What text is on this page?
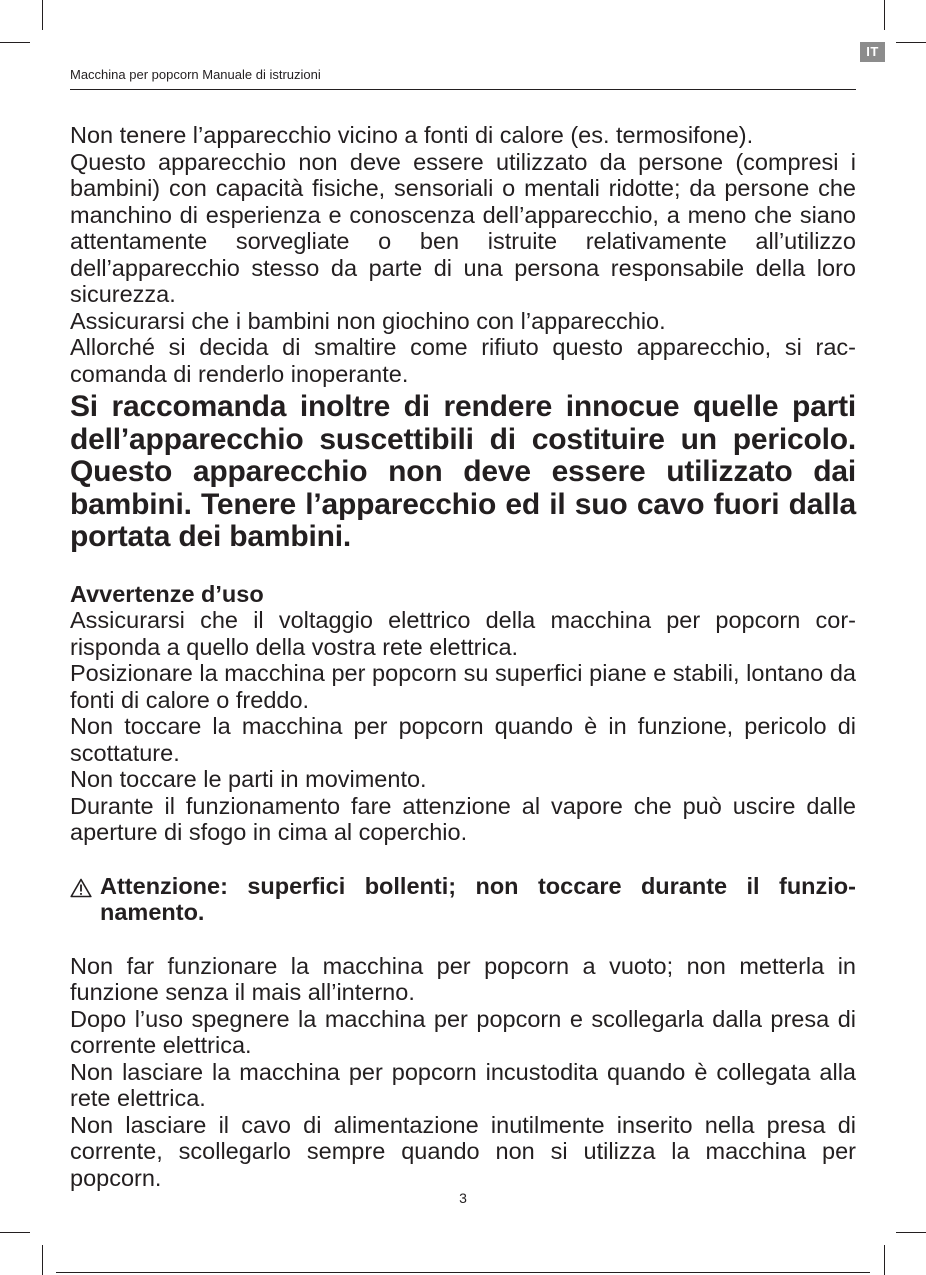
IT
Macchina per popcorn Manuale di istruzioni

Non tenere l’apparecchio vicino a fonti di calore (es. termosifone).

Questo apparecchio non deve essere utilizzato da persone (compresi i bambini) con capacità fisiche, sensoriali o mentali ridotte; da persone che manchino di esperienza e conoscenza dell’apparecchio, a meno che siano attentamente sorvegliate o ben istruite relativamente all’utilizzo dell’apparecchio stesso da parte di una persona responsabile della loro sicurezza.

Assicurarsi che i bambini non giochino con l’apparecchio.

Allorché si decida di smaltire come rifiuto questo apparecchio, si raccomanda di renderlo inoperante.

Si raccomanda inoltre di rendere innocue quelle parti dell’apparecchio suscettibili di costituire un pericolo. Questo apparecchio non deve essere utilizzato dai bambini. Tenere l’apparecchio ed il suo cavo fuori dalla portata dei bambini.

Avvertenze d’uso

Assicurarsi che il voltaggio elettrico della macchina per popcorn corrisponda a quello della vostra rete elettrica.

Posizionare la macchina per popcorn su superfici piane e stabili, lontano da fonti di calore o freddo.

Non toccare la macchina per popcorn quando è in funzione, pericolo di scottature.

Non toccare le parti in movimento.

Durante il funzionamento fare attenzione al vapore che può uscire dalle aperture di sfogo in cima al coperchio.

Attenzione: superfici bollenti; non toccare durante il funzionamento.

Non far funzionare la macchina per popcorn a vuoto; non metterla in funzione senza il mais all’interno.

Dopo l’uso spegnere la macchina per popcorn e scollegarla dalla presa di corrente elettrica.

Non lasciare la macchina per popcorn incustodita quando è collegata alla rete elettrica.

Non lasciare il cavo di alimentazione inutilmente inserito nella presa di corrente, scollegarlo sempre quando non si utilizza la macchina per popcorn.

3
